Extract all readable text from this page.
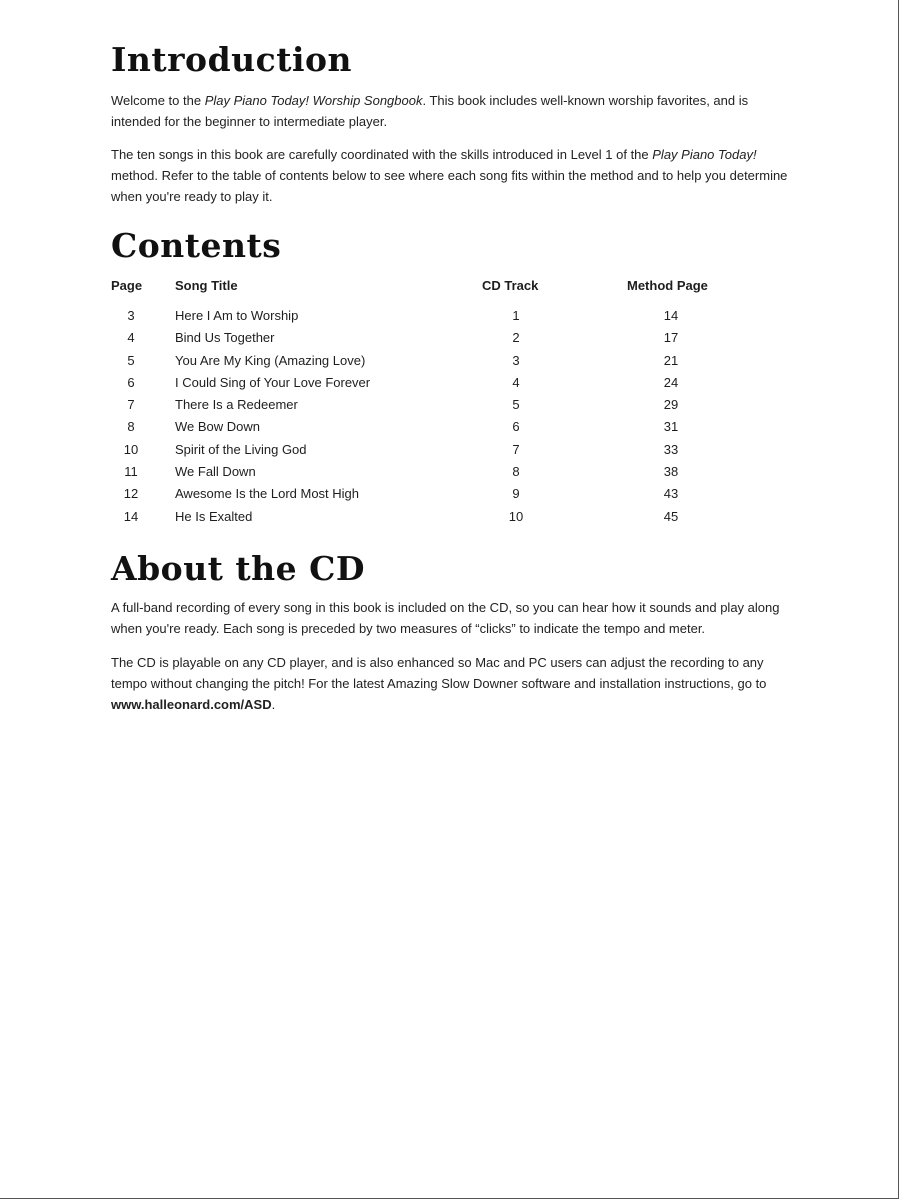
Introduction

Welcome to the Play Piano Today! Worship Songbook. This book includes well-known worship favorites, and is intended for the beginner to intermediate player.

The ten songs in this book are carefully coordinated with the skills introduced in Level 1 of the Play Piano Today! method. Refer to the table of contents below to see where each song fits within the method and to help you determine when you're ready to play it.

Contents
Page	Song Title	CD Track	Method Page
3	Here I Am to Worship	1	14
4	Bind Us Together	2	17
5	You Are My King (Amazing Love)	3	21
6	I Could Sing of Your Love Forever	4	24
7	There Is a Redeemer	5	29
8	We Bow Down	6	31
10	Spirit of the Living God	7	33
11	We Fall Down	8	38
12	Awesome Is the Lord Most High	9	43
14	He Is Exalted	10	45
About the CD

A full-band recording of every song in this book is included on the CD, so you can hear how it sounds and play along when you're ready. Each song is preceded by two measures of “clicks” to indicate the tempo and meter.

The CD is playable on any CD player, and is also enhanced so Mac and PC users can adjust the recording to any tempo without changing the pitch! For the latest Amazing Slow Downer software and installation instructions, go to www.halleonard.com/ASD.
